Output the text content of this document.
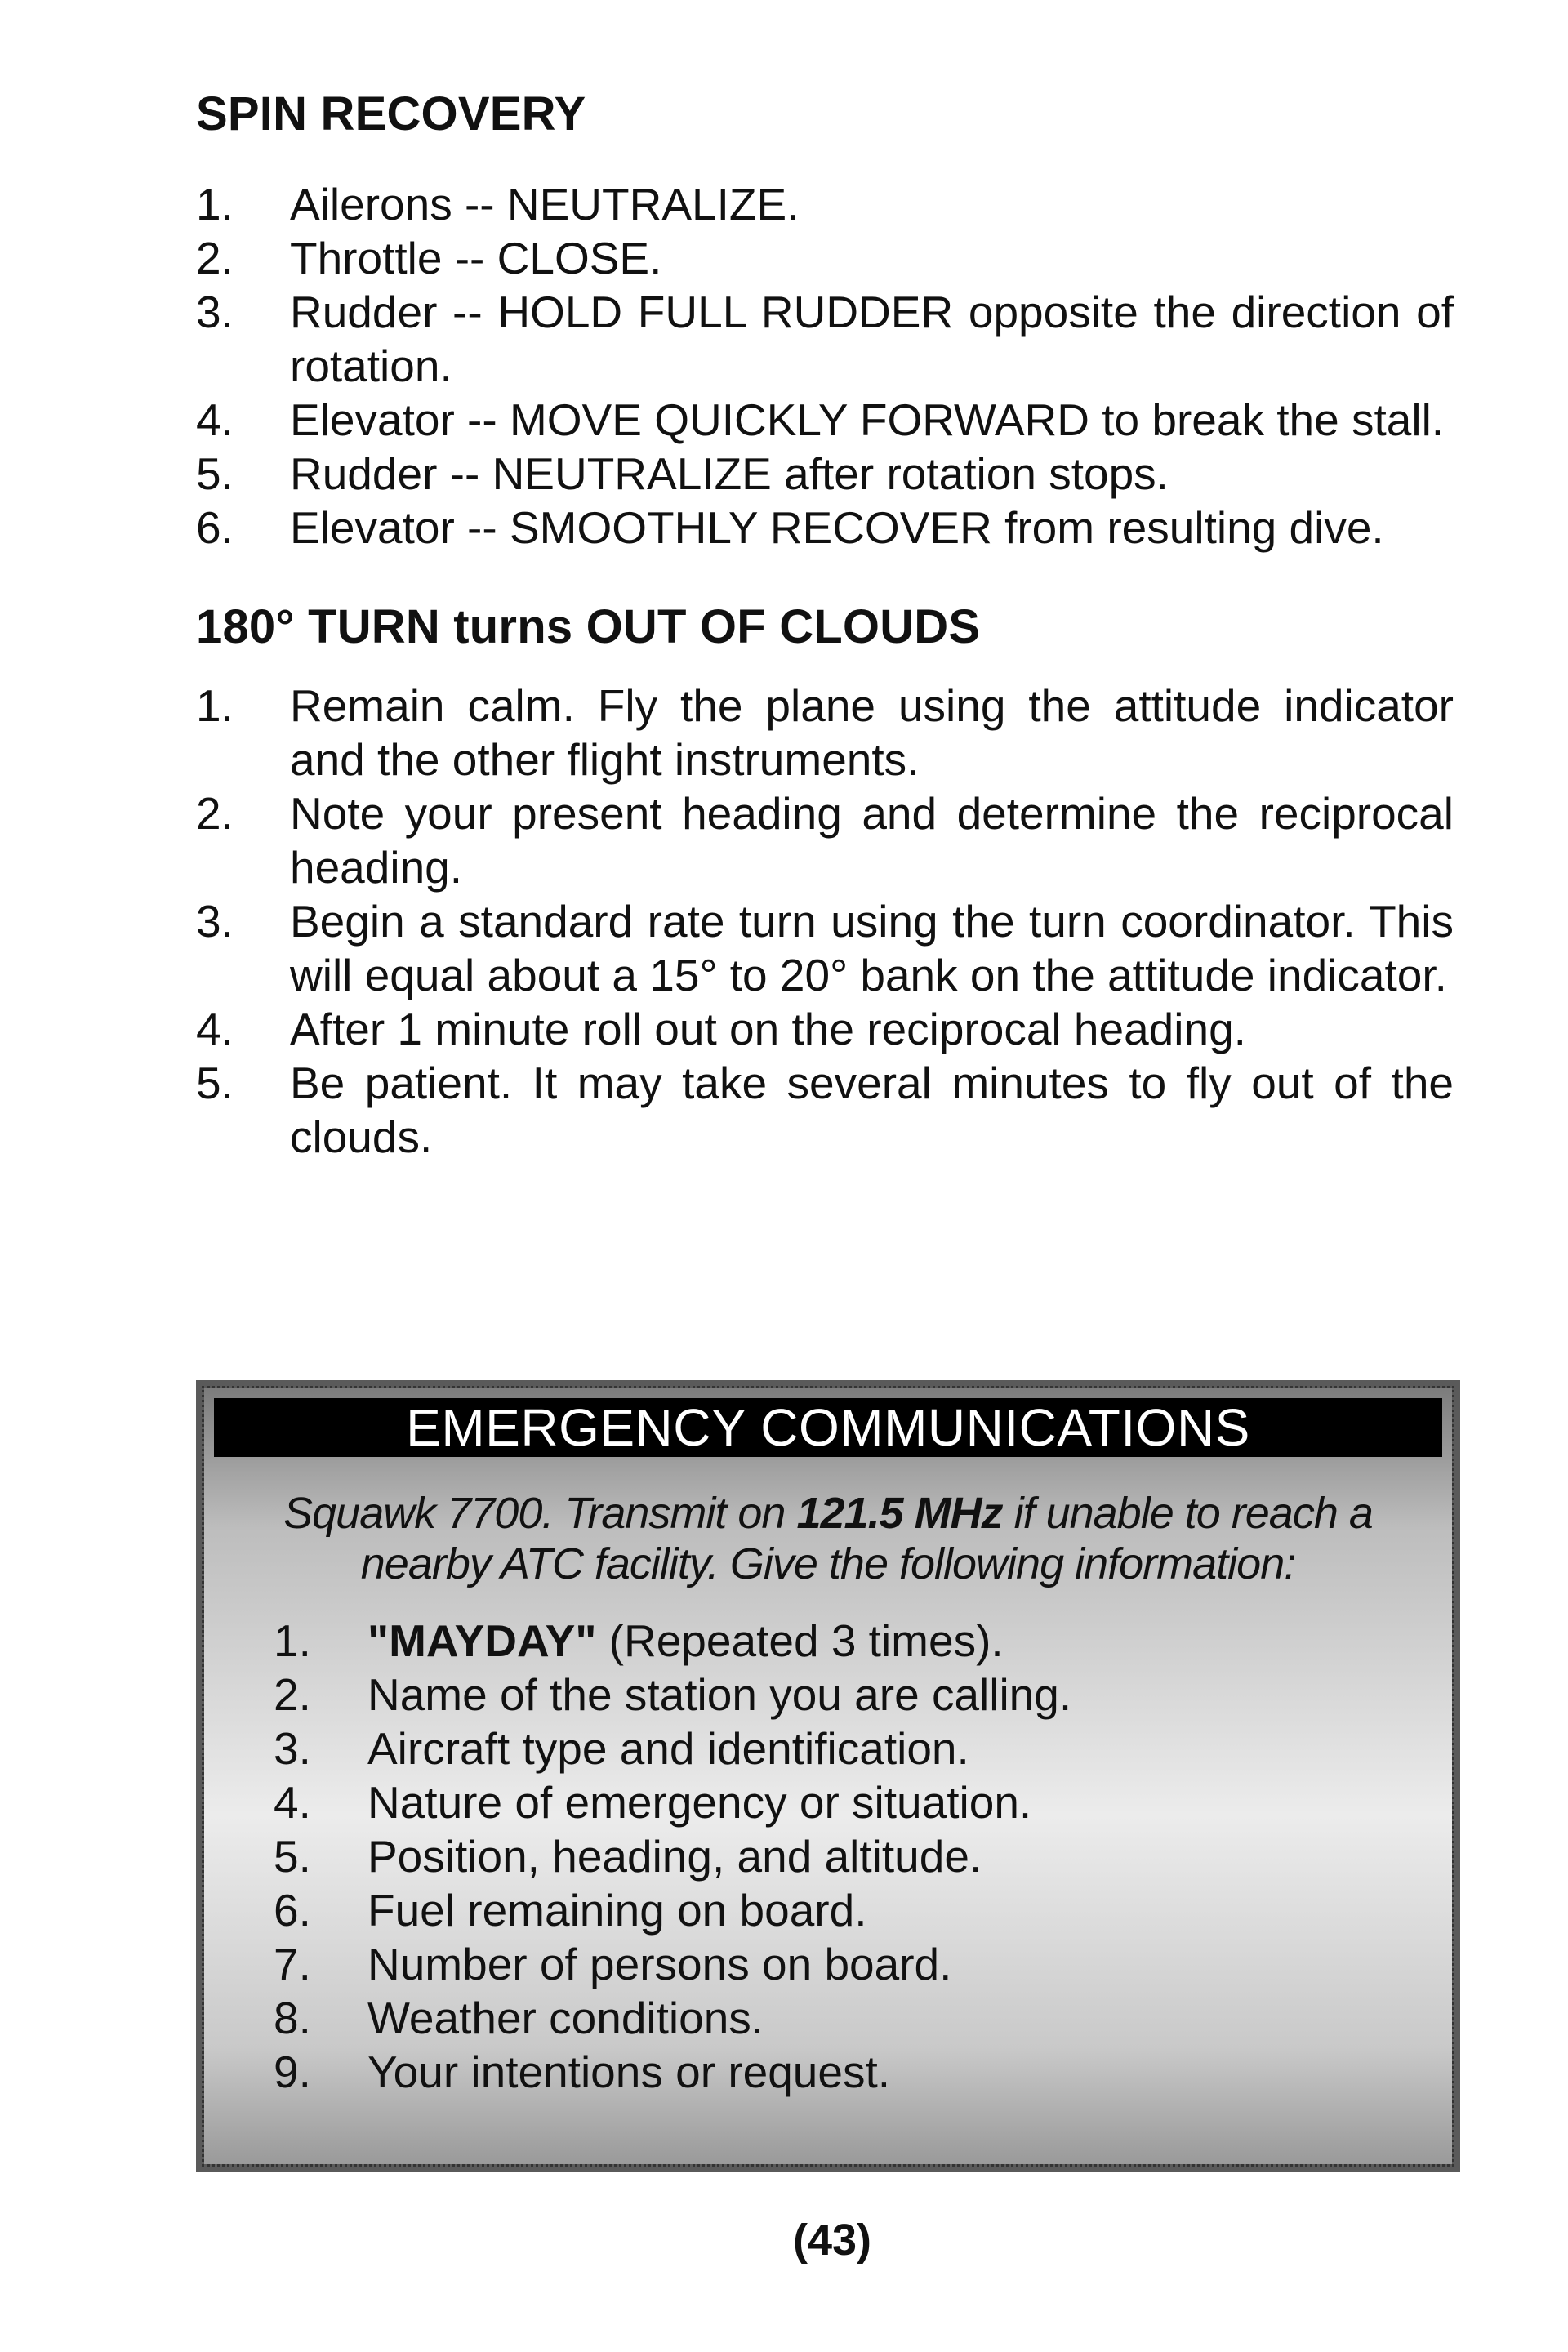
SPIN RECOVERY
1.	Ailerons -- NEUTRALIZE.
2.	Throttle -- CLOSE.
3.	Rudder -- HOLD FULL RUDDER opposite the direction of rotation.
4.	Elevator -- MOVE QUICKLY FORWARD to break the stall.
5.	Rudder -- NEUTRALIZE after rotation stops.
6.	Elevator -- SMOOTHLY RECOVER from resulting dive.
180° TURN turns OUT OF CLOUDS
1.	Remain calm. Fly the plane using the attitude indicator and the other flight instruments.
2.	Note your present heading and determine the reciprocal heading.
3.	Begin a standard rate turn using the turn coordinator. This will equal about a 15° to 20° bank on the attitude indicator.
4.	After 1 minute roll out on the reciprocal heading.
5.	Be patient. It may take several minutes to fly out of the clouds.
EMERGENCY COMMUNICATIONS
Squawk 7700. Transmit on 121.5 MHz if unable to reach a nearby ATC facility. Give the following information:
1.	"MAYDAY" (Repeated 3 times).
2.	Name of the station you are calling.
3.	Aircraft type and identification.
4.	Nature of emergency or situation.
5.	Position, heading, and altitude.
6.	Fuel remaining on board.
7.	Number of persons on board.
8.	Weather conditions.
9.	Your intentions or request.
(43)
